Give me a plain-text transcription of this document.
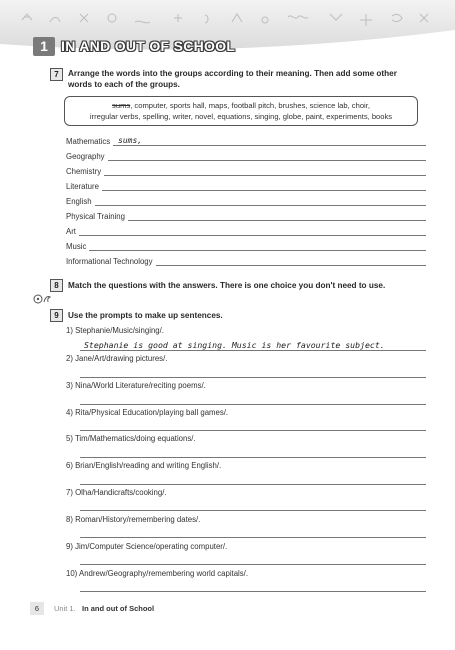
1 IN AND OUT OF SCHOOL
7	Arrange the words into the groups according to their meaning. Then add some other
words to each of the groups.
sums, computer, sports hall, maps, football pitch, brushes, science lab, choir,
irregular verbs, spelling, writer, novel, equations, singing, globe, paint, experiments, books
Mathematics sums,
Geography
Chemistry
Literature
English
Physical Training
Art
Music
Informational Technology
8	Match the questions with the answers. There is one choice you don't need to use.
9	Use the prompts to make up sentences.
1) Stephanie/Music/singing/.
Stephanie is good at singing. Music is her favourite subject.
2) Jane/Art/drawing pictures/.
3) Nina/World Literature/reciting poems/.
4) Rita/Physical Education/playing ball games/.
5) Tim/Mathematics/doing equations/.
6) Brian/English/reading and writing English/.
7) Olha/Handicrafts/cooking/.
8) Roman/History/remembering dates/.
9) Jim/Computer Science/operating computer/.
10) Andrew/Geography/remembering world capitals/.
6	Unit 1. In and out of School
